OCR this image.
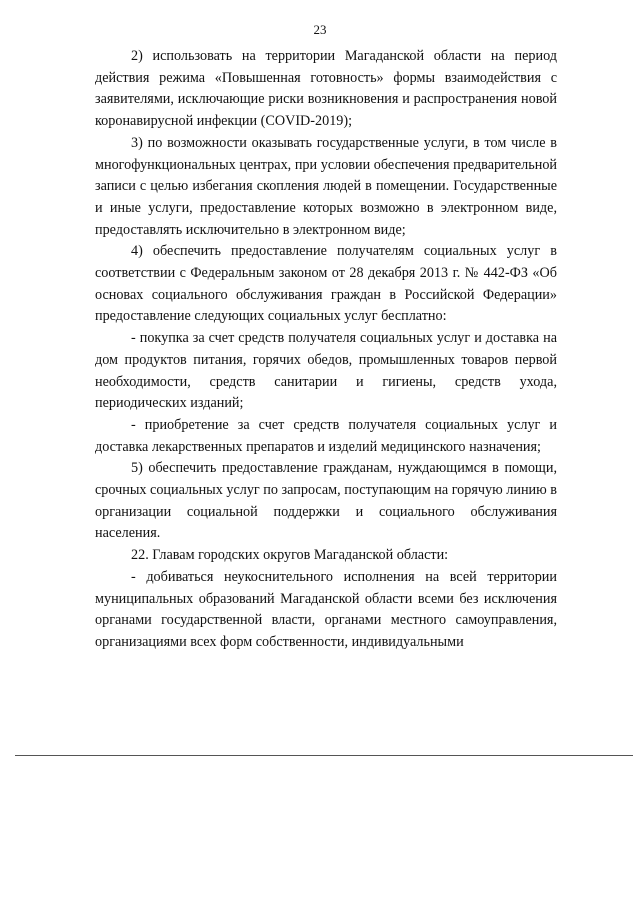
23

2) использовать на территории Магаданской области на период действия режима «Повышенная готовность» формы взаимодействия с заявителями, исключающие риски возникновения и распространения новой коронавирусной инфекции (COVID-2019);

3) по возможности оказывать государственные услуги, в том числе в многофункциональных центрах, при условии обеспечения предварительной записи с целью избегания скопления людей в помещении. Государственные и иные услуги, предоставление которых возможно в электронном виде, предоставлять исключительно в электронном виде;

4) обеспечить предоставление получателям социальных услуг в соответствии с Федеральным законом от 28 декабря 2013 г. № 442-ФЗ «Об основах социального обслуживания граждан в Российской Федерации» предоставление следующих социальных услуг бесплатно:

- покупка за счет средств получателя социальных услуг и доставка на дом продуктов питания, горячих обедов, промышленных товаров первой необходимости, средств санитарии и гигиены, средств ухода, периодических изданий;

- приобретение за счет средств получателя социальных услуг и доставка лекарственных препаратов и изделий медицинского назначения;

5) обеспечить предоставление гражданам, нуждающимся в помощи, срочных социальных услуг по запросам, поступающим на горячую линию в организации социальной поддержки и социального обслуживания населения.

22. Главам городских округов Магаданской области:

- добиваться неукоснительного исполнения на всей территории муниципальных образований Магаданской области всеми без исключения органами государственной власти, органами местного самоуправления, организациями всех форм собственности, индивидуальными
